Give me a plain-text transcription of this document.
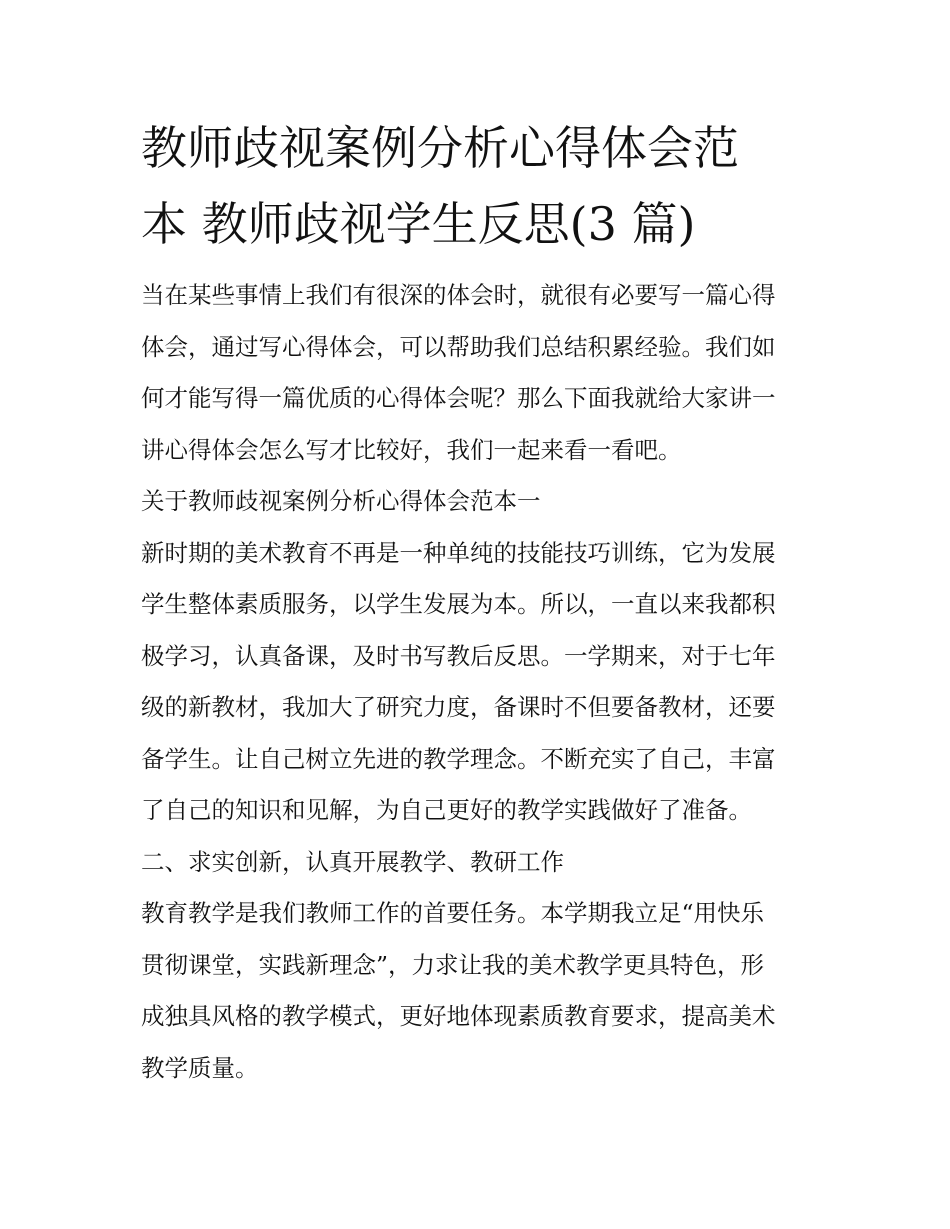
教师歧视案例分析心得体会范
本 教师歧视学生反思(3 篇)

当在某些事情上我们有很深的体会时，就很有必要写一篇心得
体会，通过写心得体会，可以帮助我们总结积累经验。我们如
何才能写得一篇优质的心得体会呢？那么下面我就给大家讲一
讲心得体会怎么写才比较好，我们一起来看一看吧。

关于教师歧视案例分析心得体会范本一

新时期的美术教育不再是一种单纯的技能技巧训练，它为发展
学生整体素质服务，以学生发展为本。所以，一直以来我都积
极学习，认真备课，及时书写教后反思。一学期来，对于七年
级的新教材，我加大了研究力度，备课时不但要备教材，还要
备学生。让自己树立先进的教学理念。不断充实了自己，丰富
了自己的知识和见解，为自己更好的教学实践做好了准备。

二、求实创新，认真开展教学、教研工作

教育教学是我们教师工作的首要任务。本学期我立足“用快乐
贯彻课堂，实践新理念”，力求让我的美术教学更具特色，形
成独具风格的教学模式，更好地体现素质教育要求，提高美术
教学质量。
